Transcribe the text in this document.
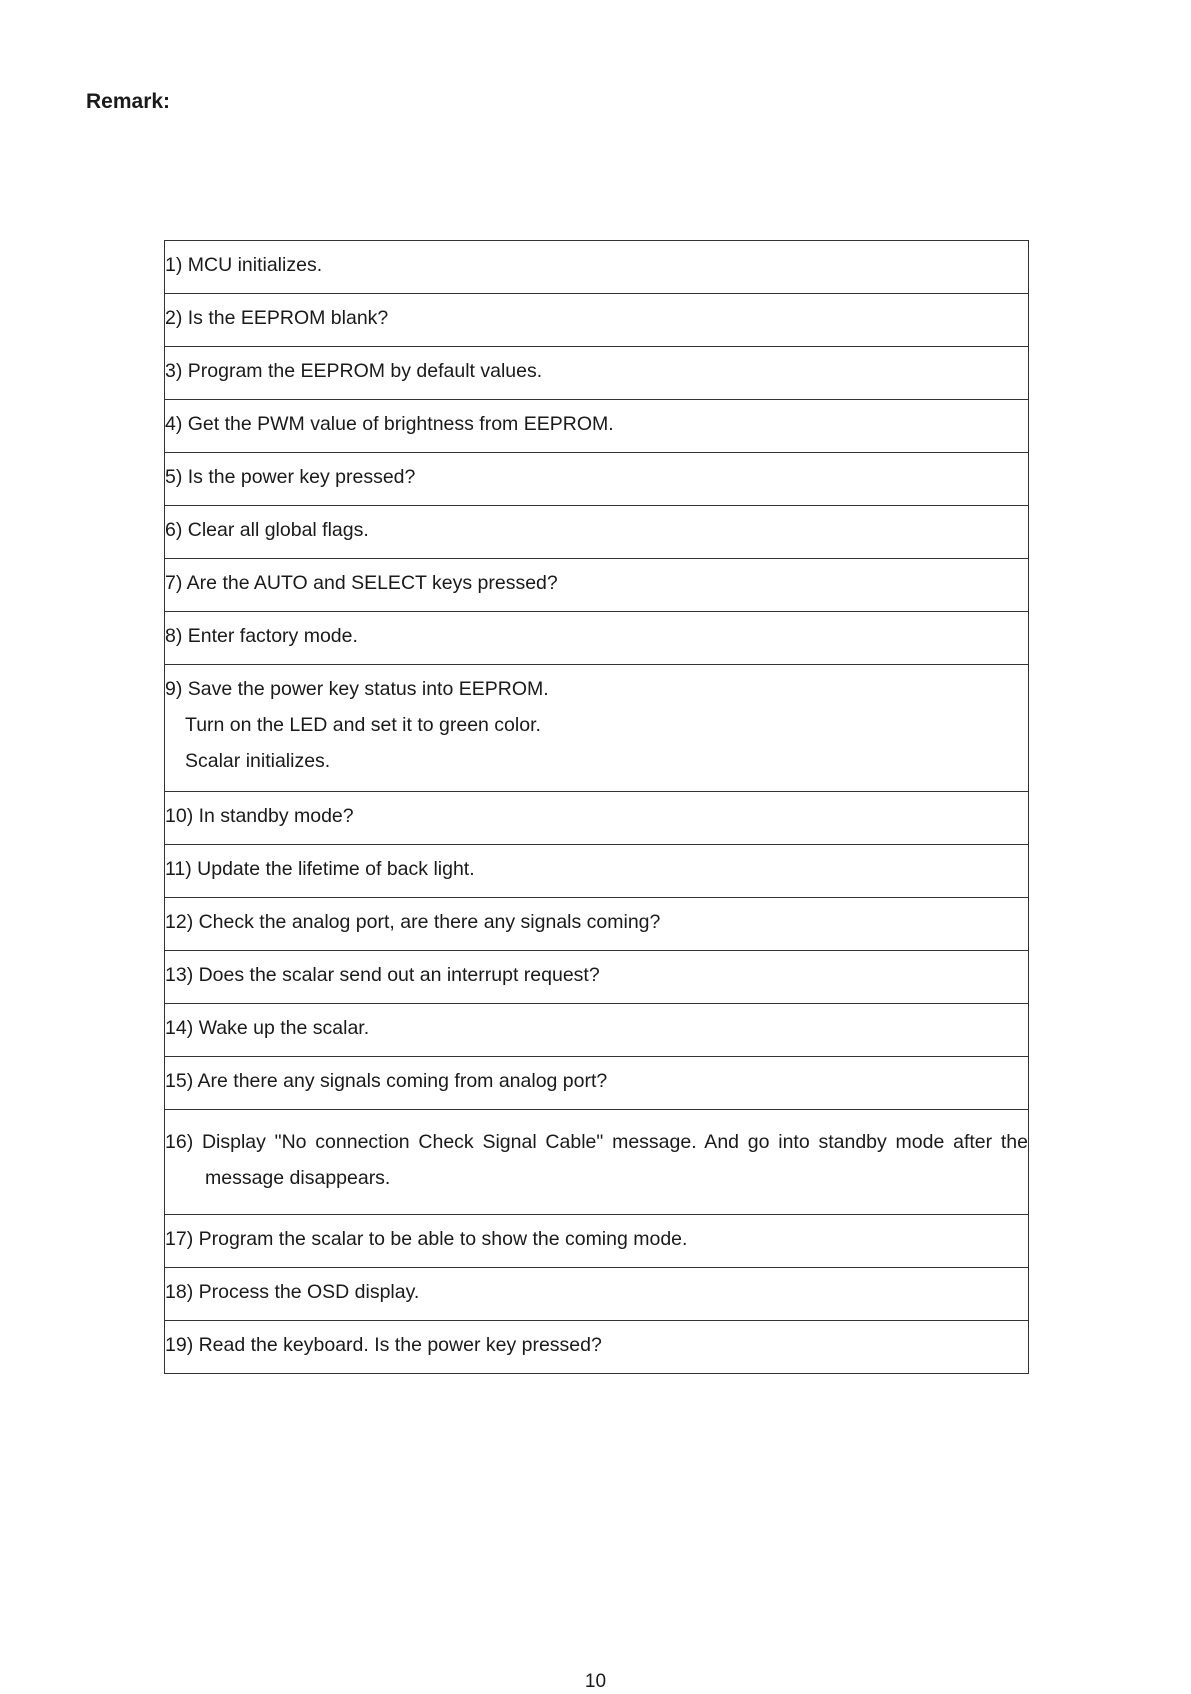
Remark:
1) MCU initializes.

2) Is the EEPROM blank?

3) Program the EEPROM by default values.

4) Get the PWM value of brightness from EEPROM.

5) Is the power key pressed?

6) Clear all global flags.

7) Are the AUTO and SELECT keys pressed?

8) Enter factory mode.

9) Save the power key status into EEPROM.
Turn on the LED and set it to green color.
Scalar initializes.

10) In standby mode?

11) Update the lifetime of back light.

12) Check the analog port, are there any signals coming?

13) Does the scalar send out an interrupt request?

14) Wake up the scalar.

15) Are there any signals coming from analog port?

16) Display "No connection Check Signal Cable" message. And go into standby mode after the
message disappears.

17) Program the scalar to be able to show the coming mode.

18) Process the OSD display.

19) Read the keyboard. Is the power key pressed?
10
